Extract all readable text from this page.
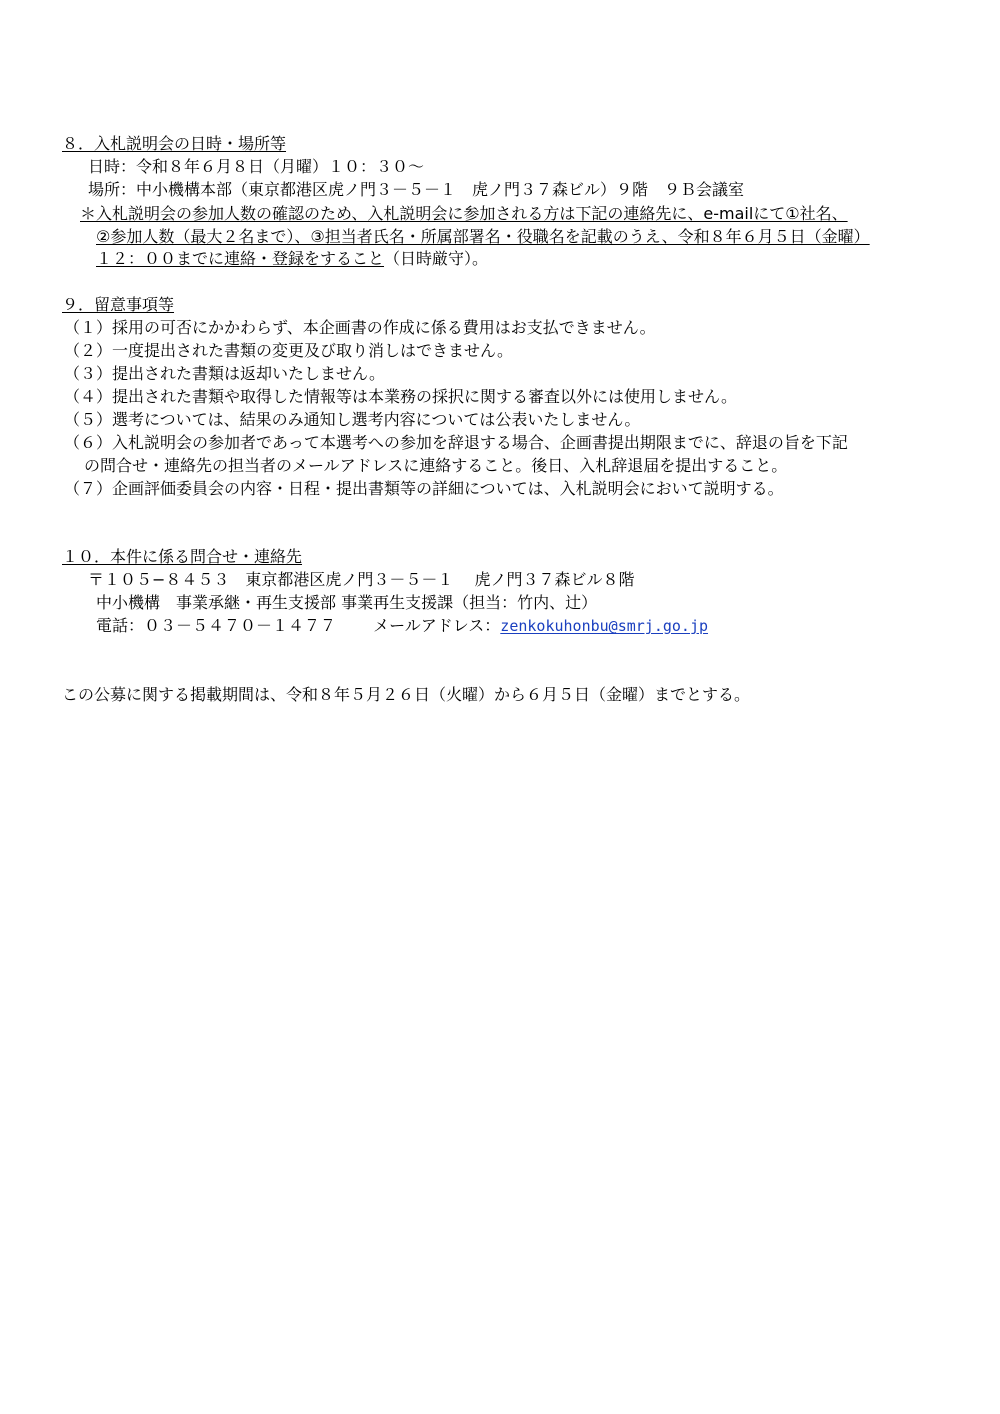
８．入札説明会の日時・場所等
日時：令和８年６月８日（月曜）１０：３０～
場所：中小機構本部（東京都港区虎ノ門３－５－１　虎ノ門３７森ビル）９階　９Ｂ会議室
＊入札説明会の参加人数の確認のため、入札説明会に参加される方は下記の連絡先に、e-mailにて①社名、
②参加人数（最大２名まで）、③担当者氏名・所属部署名・役職名を記載のうえ、令和８年６月５日（金曜）
１２：００までに連絡・登録をすること（日時厳守）。
９．留意事項等
（１）採用の可否にかかわらず、本企画書の作成に係る費用はお支払できません。
（２）一度提出された書類の変更及び取り消しはできません。
（３）提出された書類は返却いたしません。
（４）提出された書類や取得した情報等は本業務の採択に関する審査以外には使用しません。
（５）選考については、結果のみ通知し選考内容については公表いたしません。
（６）入札説明会の参加者であって本選考への参加を辞退する場合、企画書提出期限までに、辞退の旨を下記
の問合せ・連絡先の担当者のメールアドレスに連絡すること。後日、入札辞退届を提出すること。
（７）企画評価委員会の内容・日程・提出書類等の詳細については、入札説明会において説明する。
１０．本件に係る問合せ・連絡先
〒１０５−８４５３　東京都港区虎ノ門３－５－１　 虎ノ門３７森ビル８階
中小機構　事業承継・再生支援部 事業再生支援課（担当：竹内、辻）
電話：０３－５４７０－１４７７　　 メールアドレス：zenkokuhonbu@smrj.go.jp
この公募に関する掲載期間は、令和８年５月２６日（火曜）から６月５日（金曜）までとする。
